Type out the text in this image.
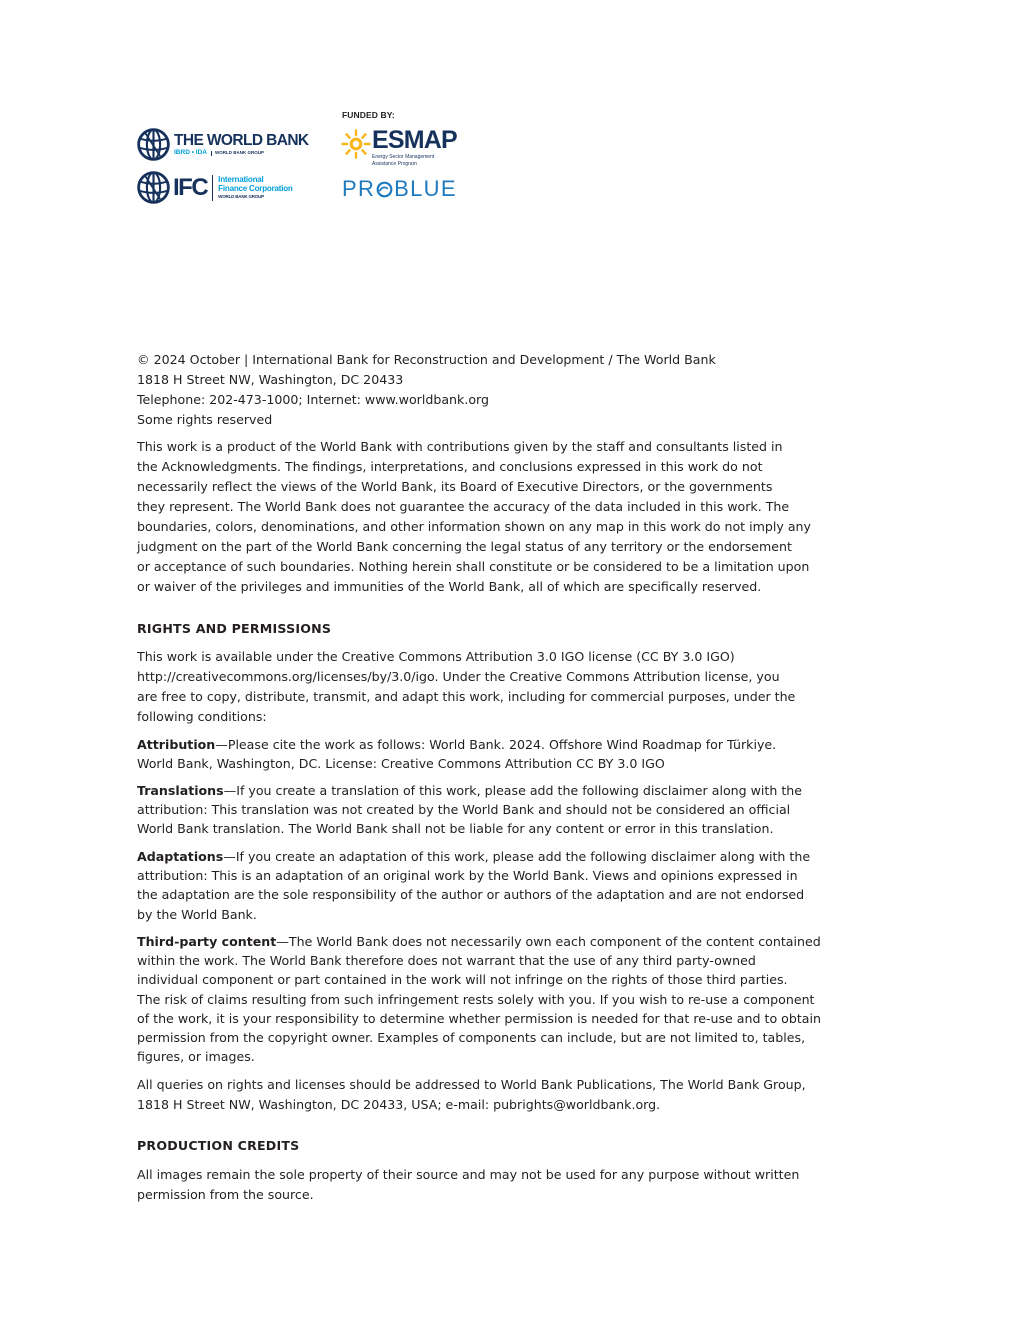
THE WORLD BANK
IBRD • IDA	WORLD BANK GROUP
IFC International
Finance Corporation
WORLD BANK GROUP
FUNDED BY:
ESMAP
Energy Sector Management
Assistance Program
PR BLUE
© 2024 October | International Bank for Reconstruction and Development / The World Bank
1818 H Street NW, Washington, DC 20433
Telephone: 202-473-1000; Internet: www.worldbank.org
Some rights reserved
This work is a product of the World Bank with contributions given by the staff and consultants listed in
the Acknowledgments. The findings, interpretations, and conclusions expressed in this work do not
necessarily reflect the views of the World Bank, its Board of Executive Directors, or the governments
they represent. The World Bank does not guarantee the accuracy of the data included in this work. The
boundaries, colors, denominations, and other information shown on any map in this work do not imply any
judgment on the part of the World Bank concerning the legal status of any territory or the endorsement
or acceptance of such boundaries. Nothing herein shall constitute or be considered to be a limitation upon
or waiver of the privileges and immunities of the World Bank, all of which are specifically reserved.
RIGHTS AND PERMISSIONS
This work is available under the Creative Commons Attribution 3.0 IGO license (CC BY 3.0 IGO)
http://creativecommons.org/licenses/by/3.0/igo. Under the Creative Commons Attribution license, you
are free to copy, distribute, transmit, and adapt this work, including for commercial purposes, under the
following conditions:
Attribution—Please cite the work as follows: World Bank. 2024. Offshore Wind Roadmap for Türkiye.
World Bank, Washington, DC. License: Creative Commons Attribution CC BY 3.0 IGO
Translations—If you create a translation of this work, please add the following disclaimer along with the
attribution: This translation was not created by the World Bank and should not be considered an official
World Bank translation. The World Bank shall not be liable for any content or error in this translation.
Adaptations—If you create an adaptation of this work, please add the following disclaimer along with the
attribution: This is an adaptation of an original work by the World Bank. Views and opinions expressed in
the adaptation are the sole responsibility of the author or authors of the adaptation and are not endorsed
by the World Bank.
Third-party content—The World Bank does not necessarily own each component of the content contained
within the work. The World Bank therefore does not warrant that the use of any third party-owned
individual component or part contained in the work will not infringe on the rights of those third parties.
The risk of claims resulting from such infringement rests solely with you. If you wish to re-use a component
of the work, it is your responsibility to determine whether permission is needed for that re-use and to obtain
permission from the copyright owner. Examples of components can include, but are not limited to, tables,
figures, or images.
All queries on rights and licenses should be addressed to World Bank Publications, The World Bank Group,
1818 H Street NW, Washington, DC 20433, USA; e-mail: pubrights@worldbank.org.
PRODUCTION CREDITS
All images remain the sole property of their source and may not be used for any purpose without written
permission from the source.
